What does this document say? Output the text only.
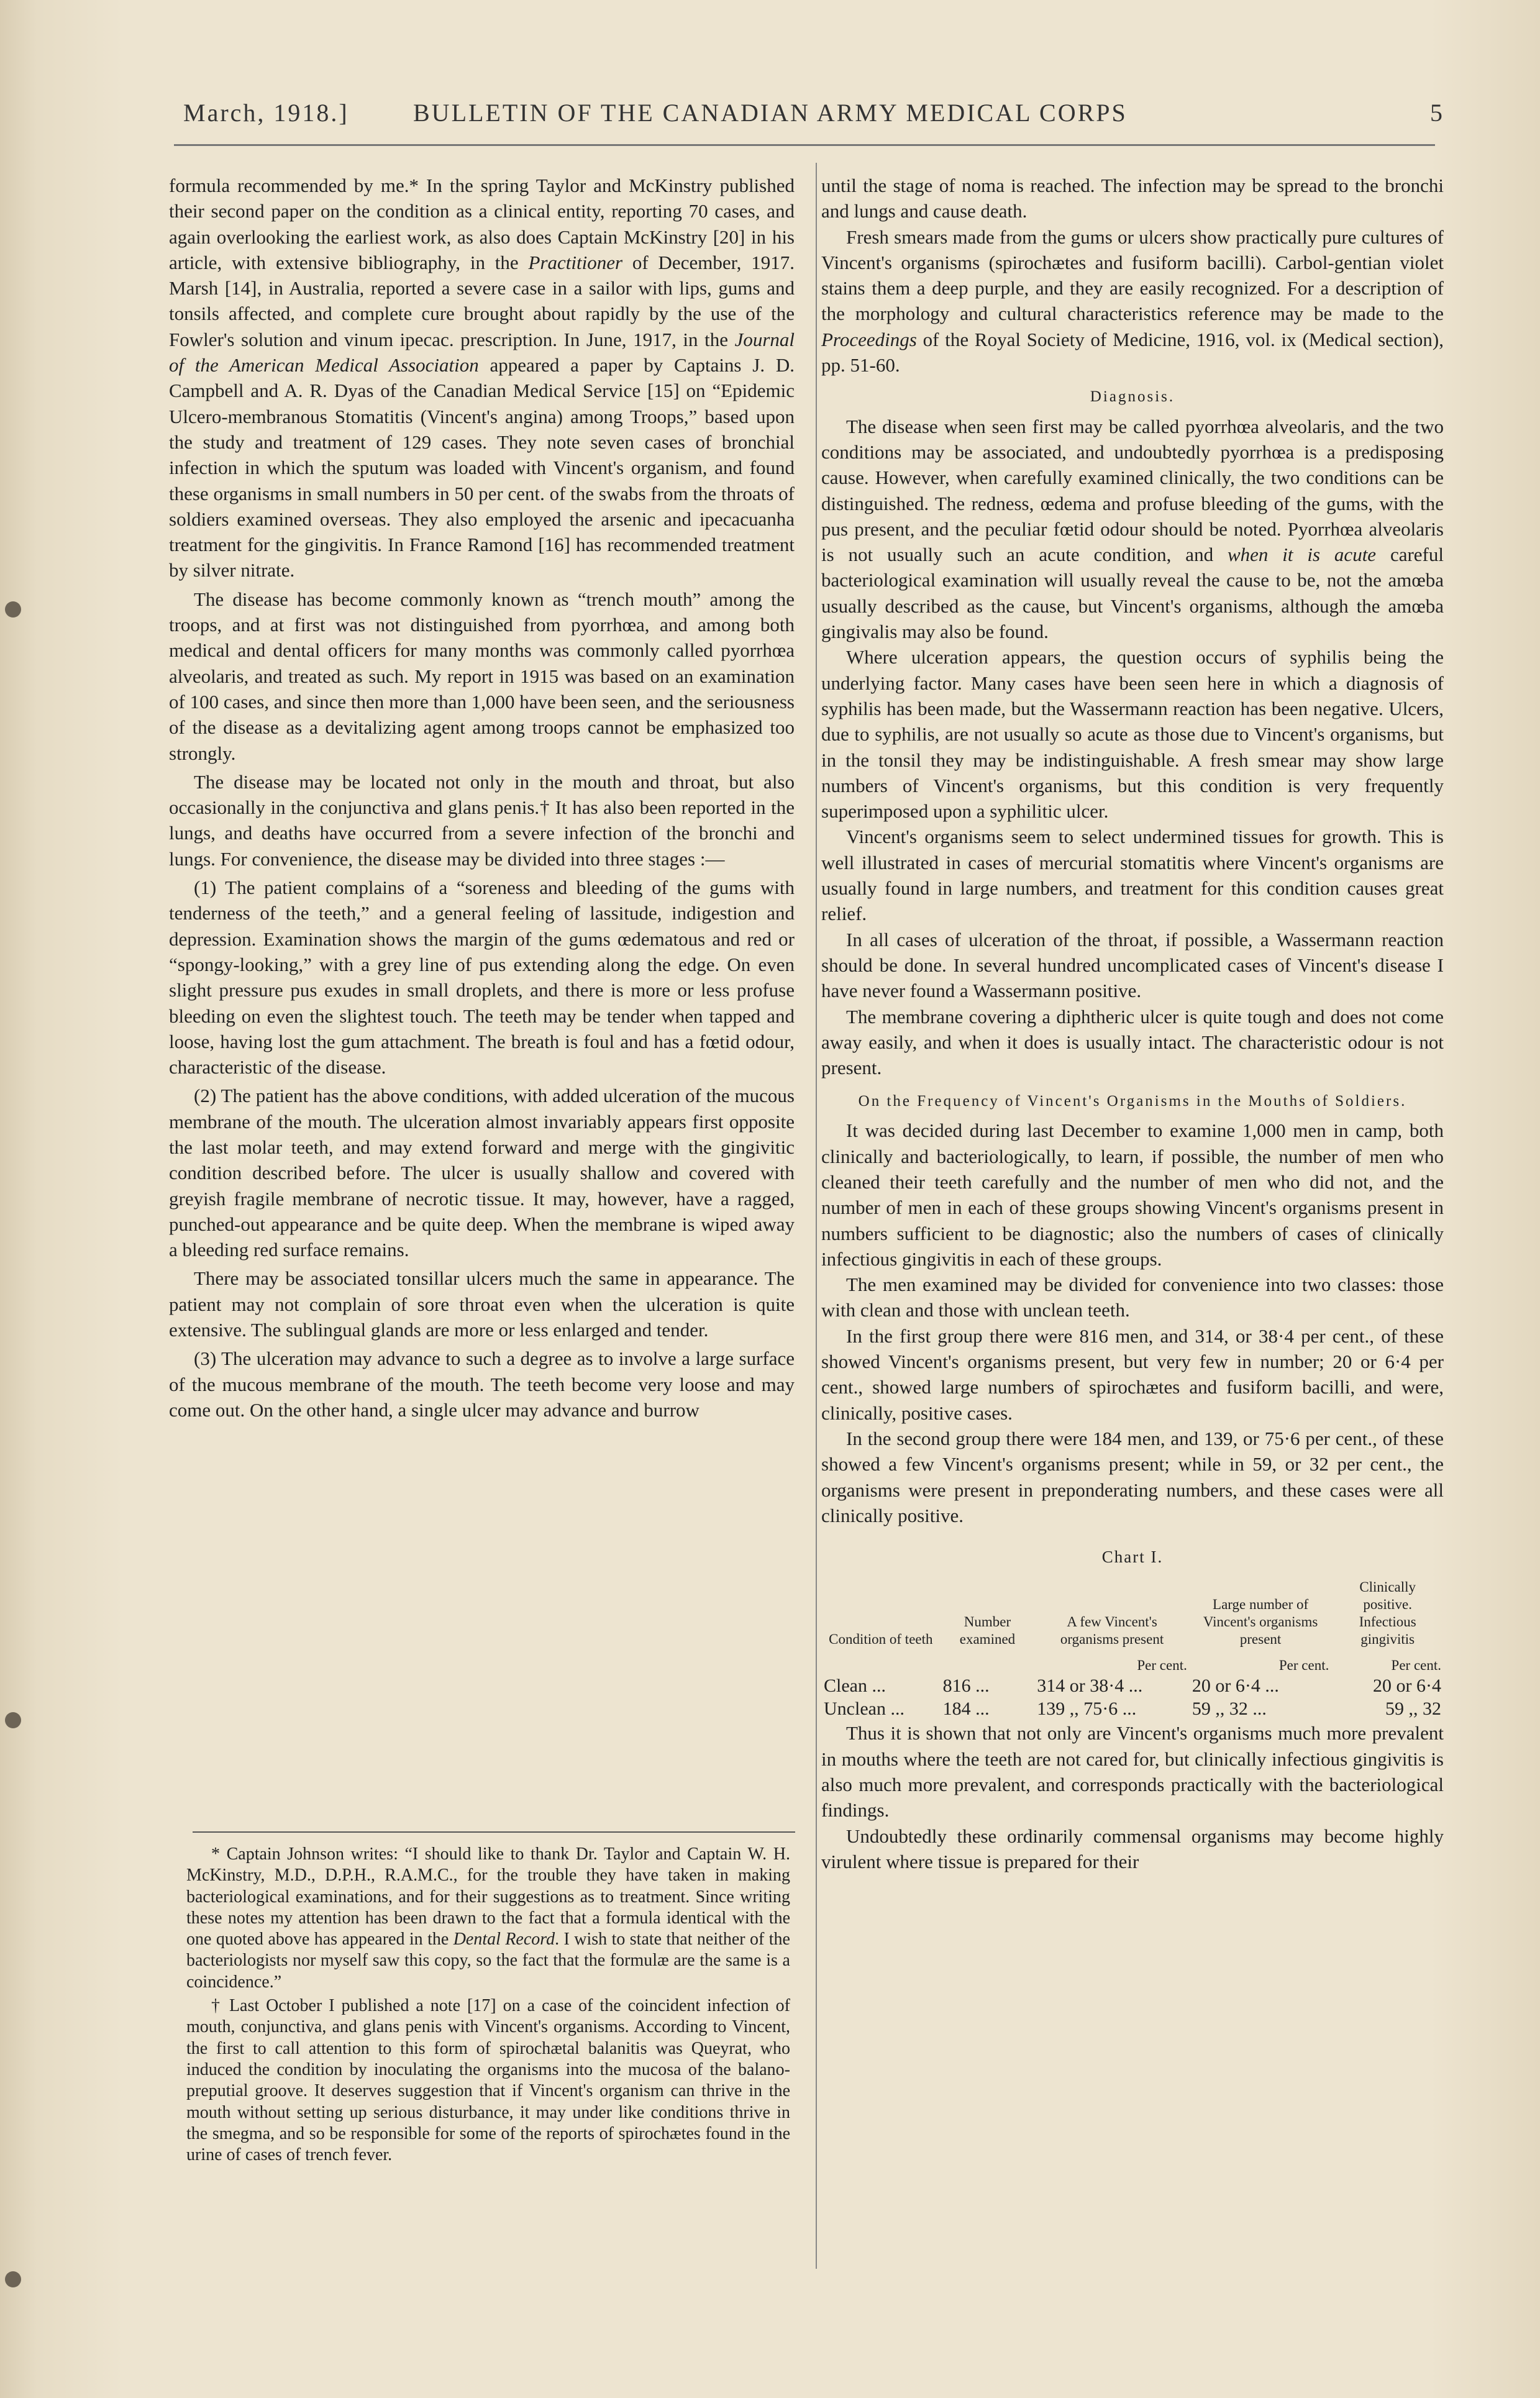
March, 1918.]	BULLETIN OF THE CANADIAN ARMY MEDICAL CORPS	5

formula recommended by me.* In the spring Taylor and McKinstry published their second paper on the condition as a clinical entity, reporting 70 cases, and again overlooking the earliest work, as also does Captain McKinstry [20] in his article, with extensive bibliography, in the Practitioner of December, 1917. Marsh [14], in Australia, reported a severe case in a sailor with lips, gums and tonsils affected, and complete cure brought about rapidly by the use of the Fowler's solution and vinum ipecac. prescription. In June, 1917, in the Journal of the American Medical Association appeared a paper by Captains J. D. Campbell and A. R. Dyas of the Canadian Medical Service [15] on “Epidemic Ulcero-membranous Stomatitis (Vincent's angina) among Troops,” based upon the study and treatment of 129 cases. They note seven cases of bronchial infection in which the sputum was loaded with Vincent's organism, and found these organisms in small numbers in 50 per cent. of the swabs from the throats of soldiers examined overseas. They also employed the arsenic and ipecacuanha treatment for the gingivitis. In France Ramond [16] has recommended treatment by silver nitrate.

The disease has become commonly known as “trench mouth” among the troops, and at first was not distinguished from pyorrhœa, and among both medical and dental officers for many months was commonly called pyorrhœa alveolaris, and treated as such. My report in 1915 was based on an examination of 100 cases, and since then more than 1,000 have been seen, and the seriousness of the disease as a devitalizing agent among troops cannot be emphasized too strongly.

The disease may be located not only in the mouth and throat, but also occasionally in the conjunctiva and glans penis.† It has also been reported in the lungs, and deaths have occurred from a severe infection of the bronchi and lungs. For convenience, the disease may be divided into three stages :—

(1) The patient complains of a “soreness and bleeding of the gums with tenderness of the teeth,” and a general feeling of lassitude, indigestion and depression. Examination shows the margin of the gums œdematous and red or “spongy-looking,” with a grey line of pus extending along the edge. On even slight pressure pus exudes in small droplets, and there is more or less profuse bleeding on even the slightest touch. The teeth may be tender when tapped and loose, having lost the gum attachment. The breath is foul and has a fœtid odour, characteristic of the disease.

(2) The patient has the above conditions, with added ulceration of the mucous membrane of the mouth. The ulceration almost invariably appears first opposite the last molar teeth, and may extend forward and merge with the gingivitic condition described before. The ulcer is usually shallow and covered with greyish fragile membrane of necrotic tissue. It may, however, have a ragged, punched-out appearance and be quite deep. When the membrane is wiped away a bleeding red surface remains.

There may be associated tonsillar ulcers much the same in appearance. The patient may not complain of sore throat even when the ulceration is quite extensive. The sublingual glands are more or less enlarged and tender.

(3) The ulceration may advance to such a degree as to involve a large surface of the mucous membrane of the mouth. The teeth become very loose and may come out. On the other hand, a single ulcer may advance and burrow

* Captain Johnson writes: “I should like to thank Dr. Taylor and Captain W. H. McKinstry, M.D., D.P.H., R.A.M.C., for the trouble they have taken in making bacteriological examinations, and for their suggestions as to treatment. Since writing these notes my attention has been drawn to the fact that a formula identical with the one quoted above has appeared in the Dental Record. I wish to state that neither of the bacteriologists nor myself saw this copy, so the fact that the formulæ are the same is a coincidence.”

† Last October I published a note [17] on a case of the coincident infection of mouth, conjunctiva, and glans penis with Vincent's organisms. According to Vincent, the first to call attention to this form of spirochætal balanitis was Queyrat, who induced the condition by inoculating the organisms into the mucosa of the balano-preputial groove. It deserves suggestion that if Vincent's organism can thrive in the mouth without setting up serious disturbance, it may under like conditions thrive in the smegma, and so be responsible for some of the reports of spirochætes found in the urine of cases of trench fever.

until the stage of noma is reached. The infection may be spread to the bronchi and lungs and cause death.

Fresh smears made from the gums or ulcers show practically pure cultures of Vincent's organisms (spirochætes and fusiform bacilli). Carbol-gentian violet stains them a deep purple, and they are easily recognized. For a description of the morphology and cultural characteristics reference may be made to the Proceedings of the Royal Society of Medicine, 1916, vol. ix (Medical section), pp. 51-60.

Diagnosis.

The disease when seen first may be called pyorrhœa alveolaris, and the two conditions may be associated, and undoubtedly pyorrhœa is a predisposing cause. However, when carefully examined clinically, the two conditions can be distinguished. The redness, œdema and profuse bleeding of the gums, with the pus present, and the peculiar fœtid odour should be noted. Pyorrhœa alveolaris is not usually such an acute condition, and when it is acute careful bacteriological examination will usually reveal the cause to be, not the amœba usually described as the cause, but Vincent's organisms, although the amœba gingivalis may also be found.

Where ulceration appears, the question occurs of syphilis being the underlying factor. Many cases have been seen here in which a diagnosis of syphilis has been made, but the Wassermann reaction has been negative. Ulcers, due to syphilis, are not usually so acute as those due to Vincent's organisms, but in the tonsil they may be indistinguishable. A fresh smear may show large numbers of Vincent's organisms, but this condition is very frequently superimposed upon a syphilitic ulcer.

Vincent's organisms seem to select undermined tissues for growth. This is well illustrated in cases of mercurial stomatitis where Vincent's organisms are usually found in large numbers, and treatment for this condition causes great relief.

In all cases of ulceration of the throat, if possible, a Wassermann reaction should be done. In several hundred uncomplicated cases of Vincent's disease I have never found a Wassermann positive.

The membrane covering a diphtheric ulcer is quite tough and does not come away easily, and when it does is usually intact. The characteristic odour is not present.

On the Frequency of Vincent's Organisms in the Mouths of Soldiers.

It was decided during last December to examine 1,000 men in camp, both clinically and bacteriologically, to learn, if possible, the number of men who cleaned their teeth carefully and the number of men who did not, and the number of men in each of these groups showing Vincent's organisms present in numbers sufficient to be diagnostic; also the numbers of cases of clinically infectious gingivitis in each of these groups.

The men examined may be divided for convenience into two classes: those with clean and those with unclean teeth.

In the first group there were 816 men, and 314, or 38·4 per cent., of these showed Vincent's organisms present, but very few in number; 20 or 6·4 per cent., showed large numbers of spirochætes and fusiform bacilli, and were, clinically, positive cases.

In the second group there were 184 men, and 139, or 75·6 per cent., of these showed a few Vincent's organisms present; while in 59, or 32 per cent., the organisms were present in preponderating numbers, and these cases were all clinically positive.

Chart I.
Condition of teeth	Number examined	A few Vincent's organisms present	Large number of Vincent's organisms present	Clinically positive. Infectious gingivitis
		Per cent.	Per cent.	Per cent.
Clean ...	816 ...	314 or 38·4 ...	20 or 6·4 ...	20 or 6·4
Unclean ...	184 ...	139 ,, 75·6 ...	59 ,, 32 ...	59 ,, 32

Thus it is shown that not only are Vincent's organisms much more prevalent in mouths where the teeth are not cared for, but clinically infectious gingivitis is also much more prevalent, and corresponds practically with the bacteriological findings.

Undoubtedly these ordinarily commensal organisms may become highly virulent where tissue is prepared for their
